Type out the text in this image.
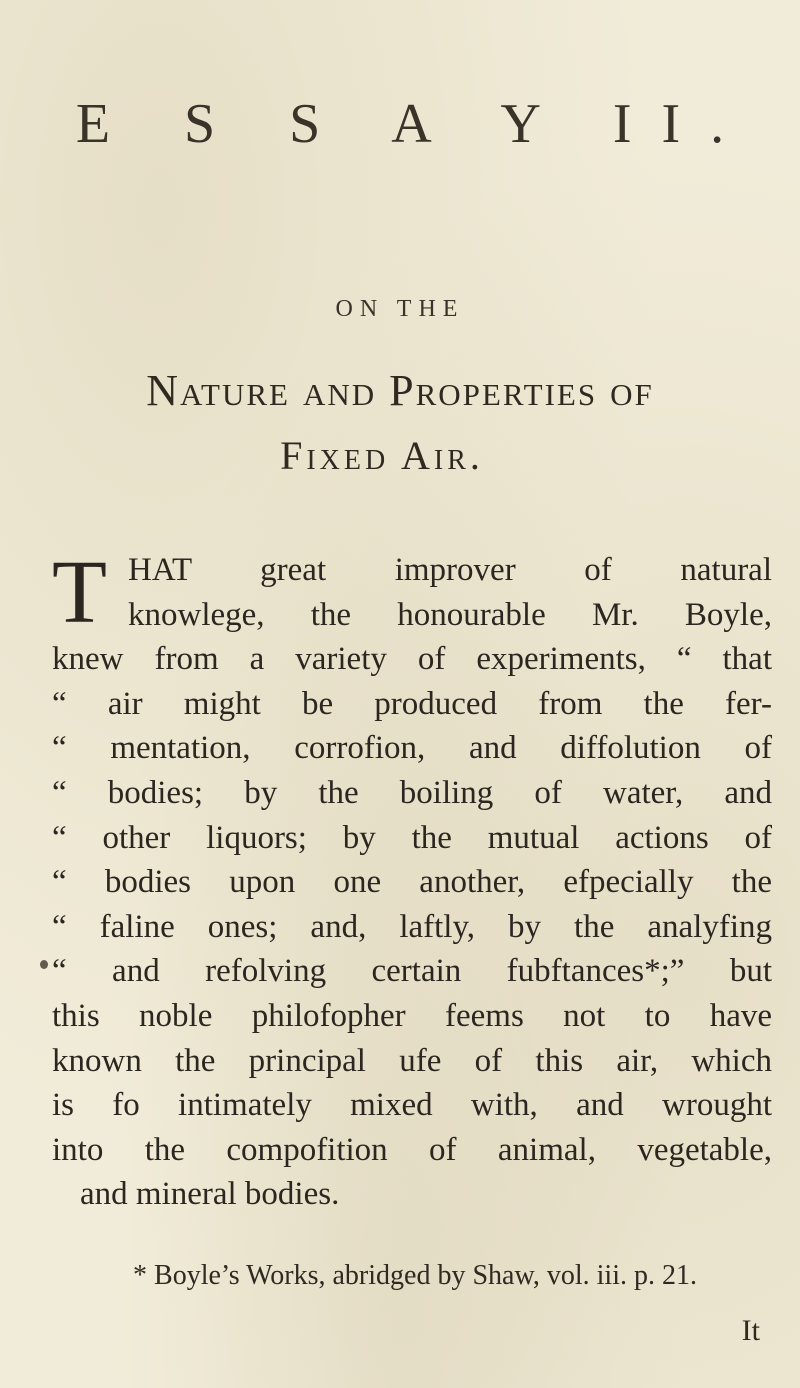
E S S A Y II.
ON THE
Nature and Properties of
Fixed Air.
T HAT great improver of natural
knowlege, the honourable Mr. Boyle,
knew from a variety of experiments, “ that
“ air might be produced from the fer-
“ mentation, corrofion, and diffolution of
“ bodies; by the boiling of water, and
“ other liquors; by the mutual actions of
“ bodies upon one another, efpecially the
“ faline ones; and, laftly, by the analyfing
“ and refolving certain fubftances*;” but
this noble philofopher feems not to have
known the principal ufe of this air, which
is fo intimately mixed with, and wrought
into the compofition of animal, vegetable,
and mineral bodies.
* Boyle’s Works, abridged by Shaw, vol. iii. p. 21.
It
